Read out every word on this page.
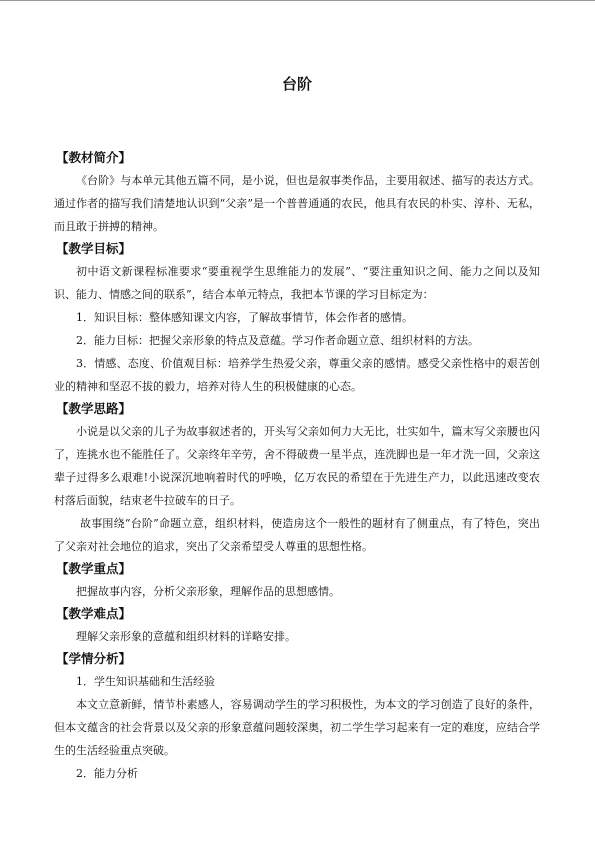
台阶
【教材简介】

《台阶》与本单元其他五篇不同，是小说，但也是叙事类作品，主要用叙述、描写的表达方式。通过作者的描写我们清楚地认识到“父亲”是一个普普通通的农民，他具有农民的朴实、淳朴、无私，而且敢于拼搏的精神。

【教学目标】

初中语文新课程标准要求“要重视学生思维能力的发展”、“要注重知识之间、能力之间以及知识、能力、情感之间的联系”，结合本单元特点，我把本节课的学习目标定为：

1．知识目标：整体感知课文内容，了解故事情节，体会作者的感情。

2．能力目标：把握父亲形象的特点及意蕴。学习作者命题立意、组织材料的方法。

3．情感、态度、价值观目标：培养学生热爱父亲，尊重父亲的感情。感受父亲性格中的艰苦创业的精神和坚忍不拔的毅力，培养对待人生的积极健康的心态。

【教学思路】

小说是以父亲的儿子为故事叙述者的，开头写父亲如何力大无比，壮实如牛，篇末写父亲腰也闪了，连挑水也不能胜任了。父亲终年辛劳，舍不得破费一星半点，连洗脚也是一年才洗一回，父亲这辈子过得多么艰难!小说深沉地响着时代的呼唤，亿万农民的希望在于先进生产力，以此迅速改变农村落后面貌，结束老牛拉破车的日子。

故事围绕“台阶”命题立意，组织材料，使造房这个一般性的题材有了侧重点，有了特色，突出了父亲对社会地位的追求，突出了父亲希望受人尊重的思想性格。

【教学重点】

把握故事内容，分析父亲形象，理解作品的思想感情。

【教学难点】

理解父亲形象的意蕴和组织材料的详略安排。

【学情分析】

1．学生知识基础和生活经验

本文立意新鲜，情节朴素感人，容易调动学生的学习积极性，为本文的学习创造了良好的条件，但本文蕴含的社会背景以及父亲的形象意蕴问题较深奥，初二学生学习起来有一定的难度，应结合学生的生活经验重点突破。

2．能力分析
